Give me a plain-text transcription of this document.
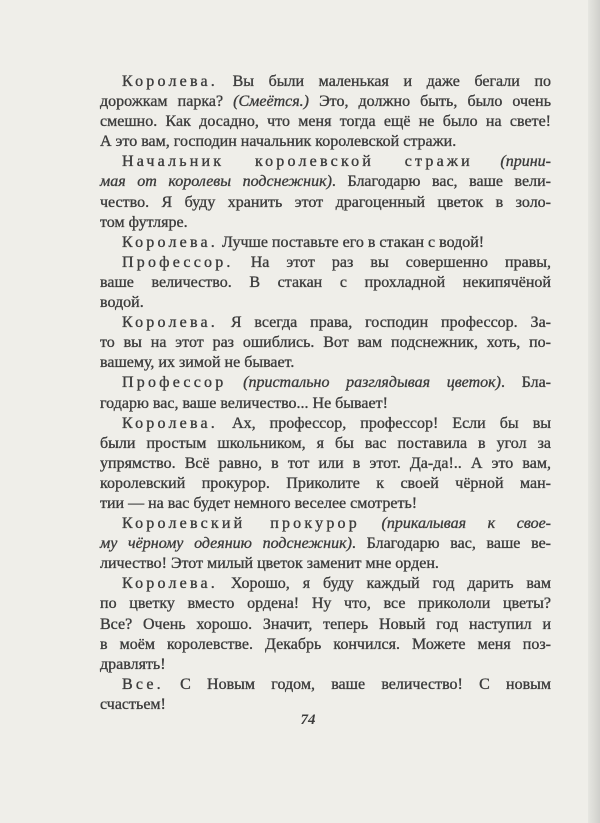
Королева. Вы были маленькая и даже бегали по
дорожкам парка? (Смеётся.) Это, должно быть, было очень
смешно. Как досадно, что меня тогда ещё не было на свете!
А это вам, господин начальник королевской стражи.
Начальник королевской стражи (прини-
мая от королевы подснежник). Благодарю вас, ваше вели-
чество. Я буду хранить этот драгоценный цветок в золо-
том футляре.
Королева. Лучше поставьте его в стакан с водой!
Профессор. На этот раз вы совершенно правы,
ваше величество. В стакан с прохладной некипячёной
водой.
Королева. Я всегда права, господин профессор. За-
то вы на этот раз ошиблись. Вот вам подснежник, хоть, по-
вашему, их зимой не бывает.
Профессор (пристально разглядывая цветок). Бла-
годарю вас, ваше величество... Не бывает!
Королева. Ах, профессор, профессор! Если бы вы
были простым школьником, я бы вас поставила в угол за
упрямство. Всё равно, в тот или в этот. Да-да!.. А это вам,
королевский прокурор. Приколите к своей чёрной ман-
тии — на вас будет немного веселее смотреть!
Королевский прокурор (прикалывая к свое-
му чёрному одеянию подснежник). Благодарю вас, ваше ве-
личество! Этот милый цветок заменит мне орден.
Королева. Хорошо, я буду каждый год дарить вам
по цветку вместо ордена! Ну что, все прикололи цветы?
Все? Очень хорошо. Значит, теперь Новый год наступил и
в моём королевстве. Декабрь кончился. Можете меня поз-
дравлять!
Все. С Новым годом, ваше величество! С новым
счастьем!
74
